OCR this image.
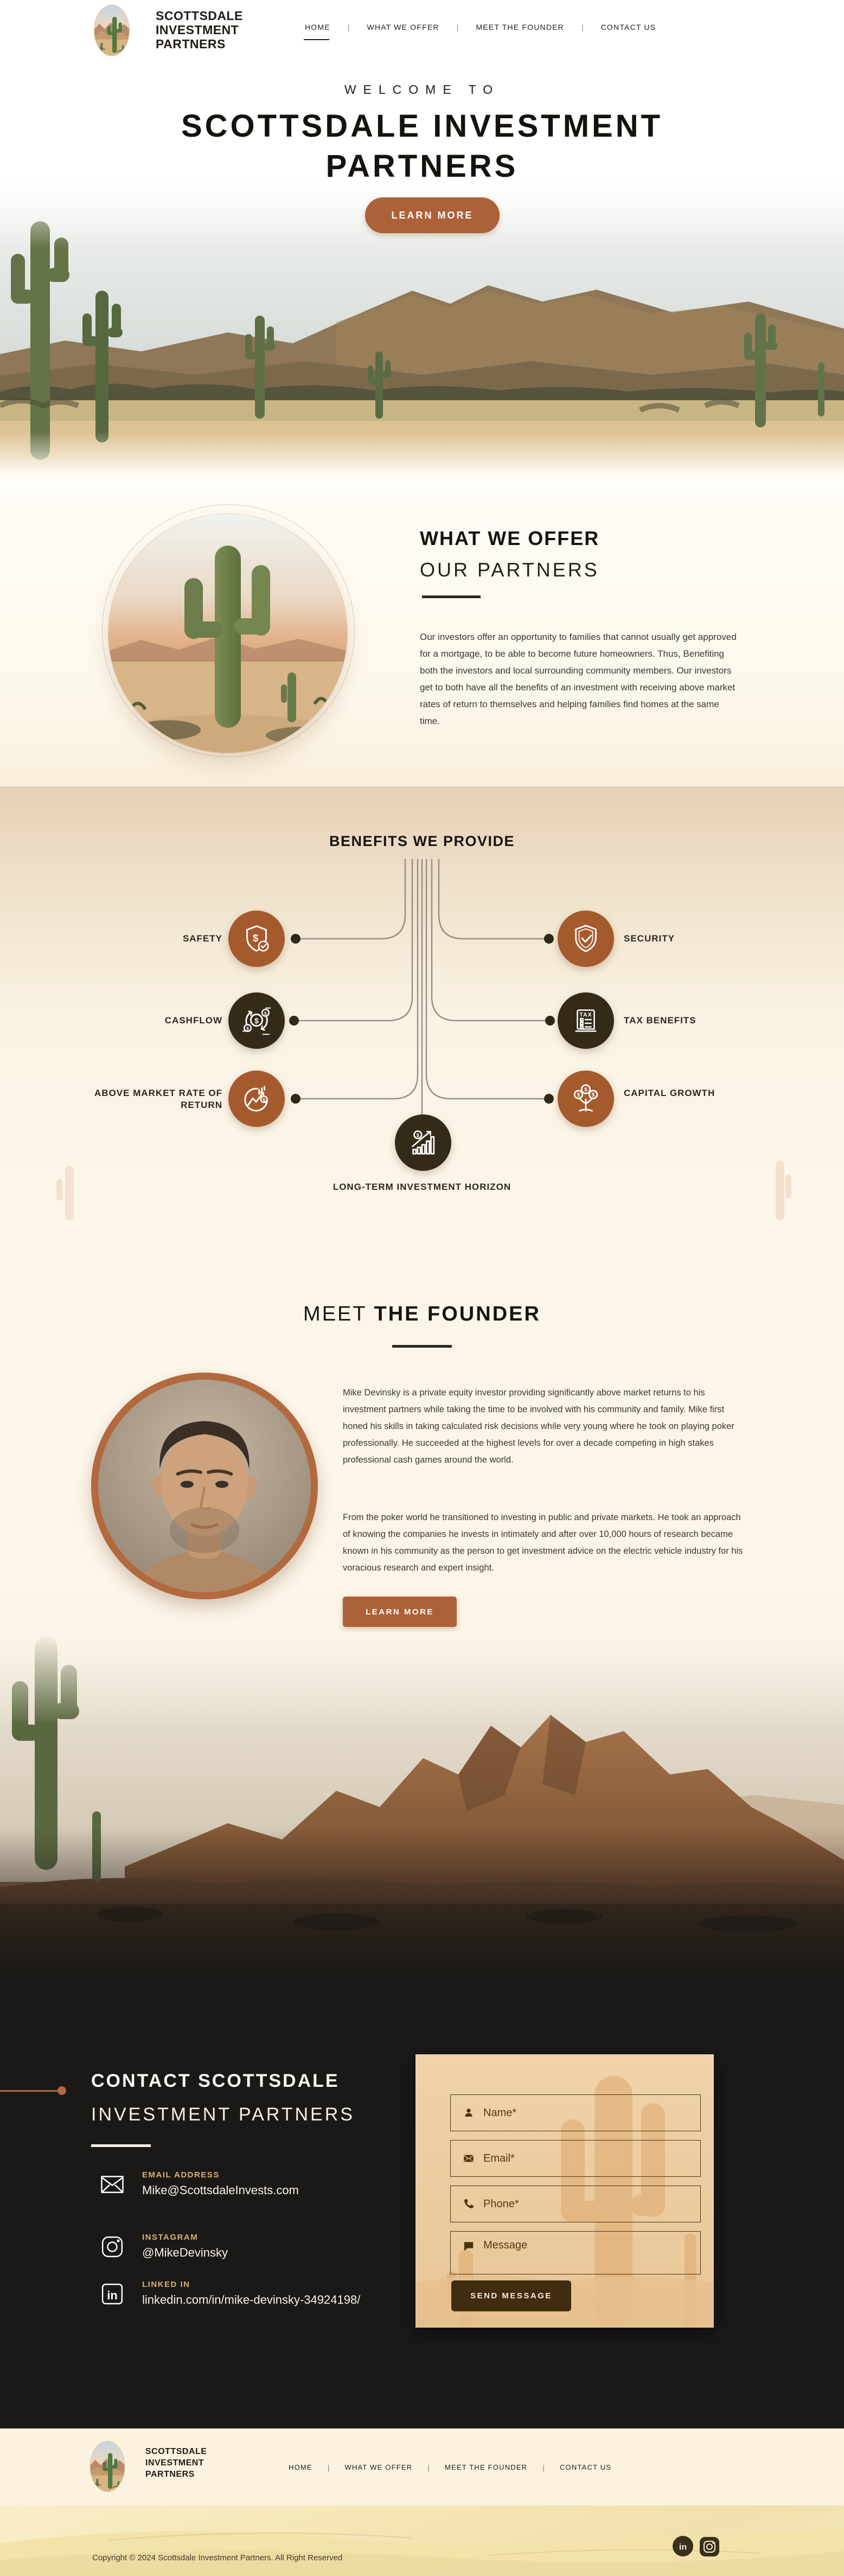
SCOTTSDALE
INVESTMENT
PARTNERS
HOME |	WHAT WE OFFER |	MEET THE FOUNDER |	CONTACT US
WELCOME TO
SCOTTSDALE INVESTMENT
PARTNERS
LEARN MORE
WHAT WE OFFER
OUR PARTNERS

Our investors offer an opportunity to families that cannot usually get approved for a mortgage, to be able to become future homeowners. Thus, Benefiting both the investors and local surrounding community members. Our investors get to both have all the benefits of an investment with receiving above market rates of return to themselves and helping families find homes at the same time.

BENEFITS WE PROVIDE
$
SAFETY
$
$
$
CASHFLOW
$
ABOVE MARKET RATE OF RETURN
SECURITY
TAX
TAX BENEFITS
$ $
$	CAPITAL GROWTH
$
LONG-TERM INVESTMENT HORIZON
MEET THE FOUNDER

Mike Devinsky is a private equity investor providing significantly above market returns to his investment partners while taking the time to be involved with his community and family. Mike first honed his skills in taking calculated risk decisions while very young where he took on playing poker professionally. He succeeded at the highest levels for over a decade competing in high stakes professional cash games around the world.

From the poker world he transitioned to investing in public and private markets. He took an approach of knowing the companies he invests in intimately and after over 10,000 hours of research became known in his community as the person to get investment advice on the electric vehicle industry for his voracious research and expert insight.

LEARN MORE
CONTACT SCOTTSDALE
INVESTMENT PARTNERS
EMAIL ADDRESS
Mike@ScottsdaleInvests.com
INSTAGRAM
@MikeDevinsky
in
LINKED IN
linkedin.com/in/mike-devinsky-34924198/
Name*
Email*
Phone*
Message	SEND MESSAGE
SCOTTSDALE
INVESTMENT
PARTNERS
HOME |	WHAT WE OFFER |	MEET THE FOUNDER |	CONTACT US
Copyright © 2024 Scottsdale Investment Partners. All Right Reserved
in
